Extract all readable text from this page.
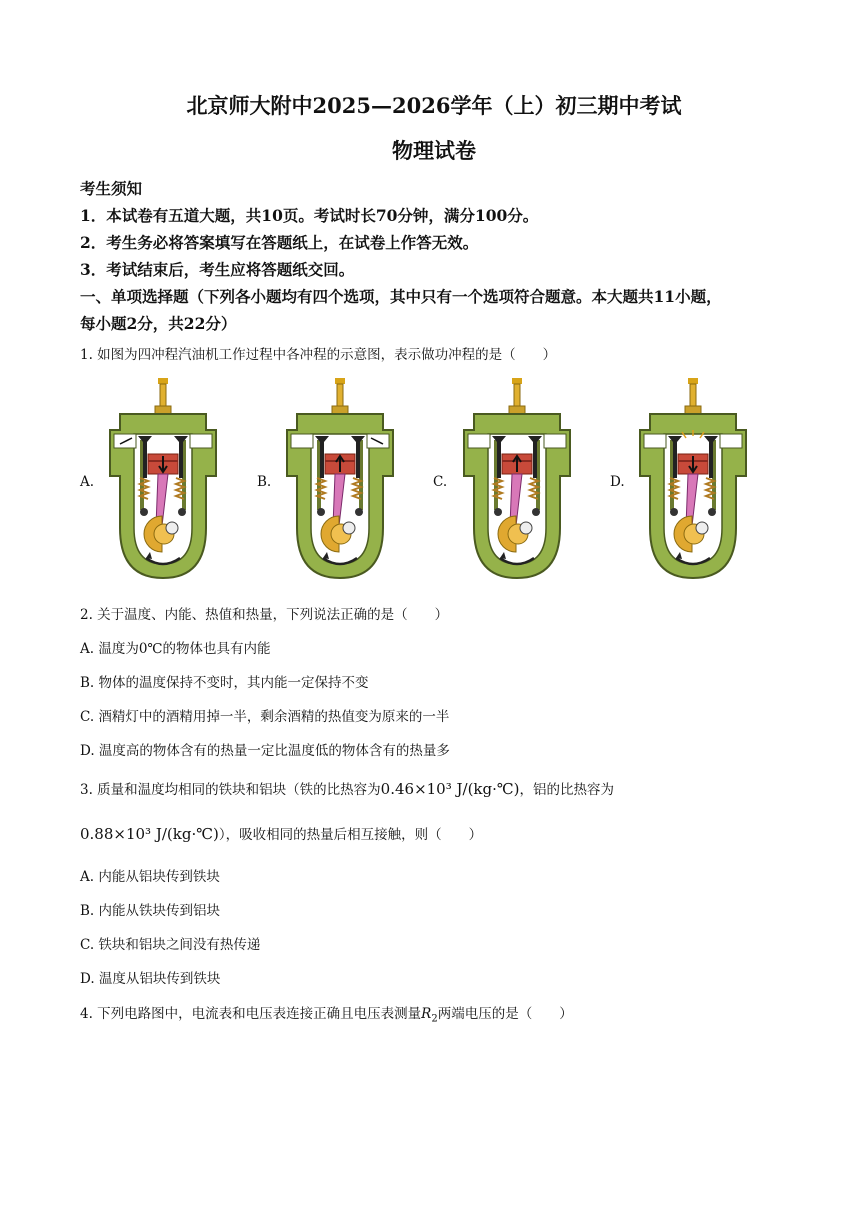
北京师大附中2025—2026学年（上）初三期中考试
物理试卷
考生须知
1．本试卷有五道大题，共10页。考试时长70分钟，满分100分。
2．考生务必将答案填写在答题纸上，在试卷上作答无效。
3．考试结束后，考生应将答题纸交回。
一、单项选择题（下列各小题均有四个选项，其中只有一个选项符合题意。本大题共11小题，
每小题2分，共22分）
1. 如图为四冲程汽油机工作过程中各冲程的示意图，表示做功冲程的是（　　）
A.	B.	C.	D.
2. 关于温度、内能、热值和热量，下列说法正确的是（　　）
A. 温度为0℃的物体也具有内能
B. 物体的温度保持不变时，其内能一定保持不变
C. 酒精灯中的酒精用掉一半，剩余酒精的热值变为原来的一半
D. 温度高的物体含有的热量一定比温度低的物体含有的热量多
3. 质量和温度均相同的铁块和铝块（铁的比热容为0.46×10³ J/(kg·℃)，铝的比热容为
0.88×10³ J/(kg·℃)），吸收相同的热量后相互接触，则（　　）
A. 内能从铝块传到铁块
B. 内能从铁块传到铝块
C. 铁块和铝块之间没有热传递
D. 温度从铝块传到铁块
4. 下列电路图中，电流表和电压表连接正确且电压表测量$R_2$两端电压的是（　　）
